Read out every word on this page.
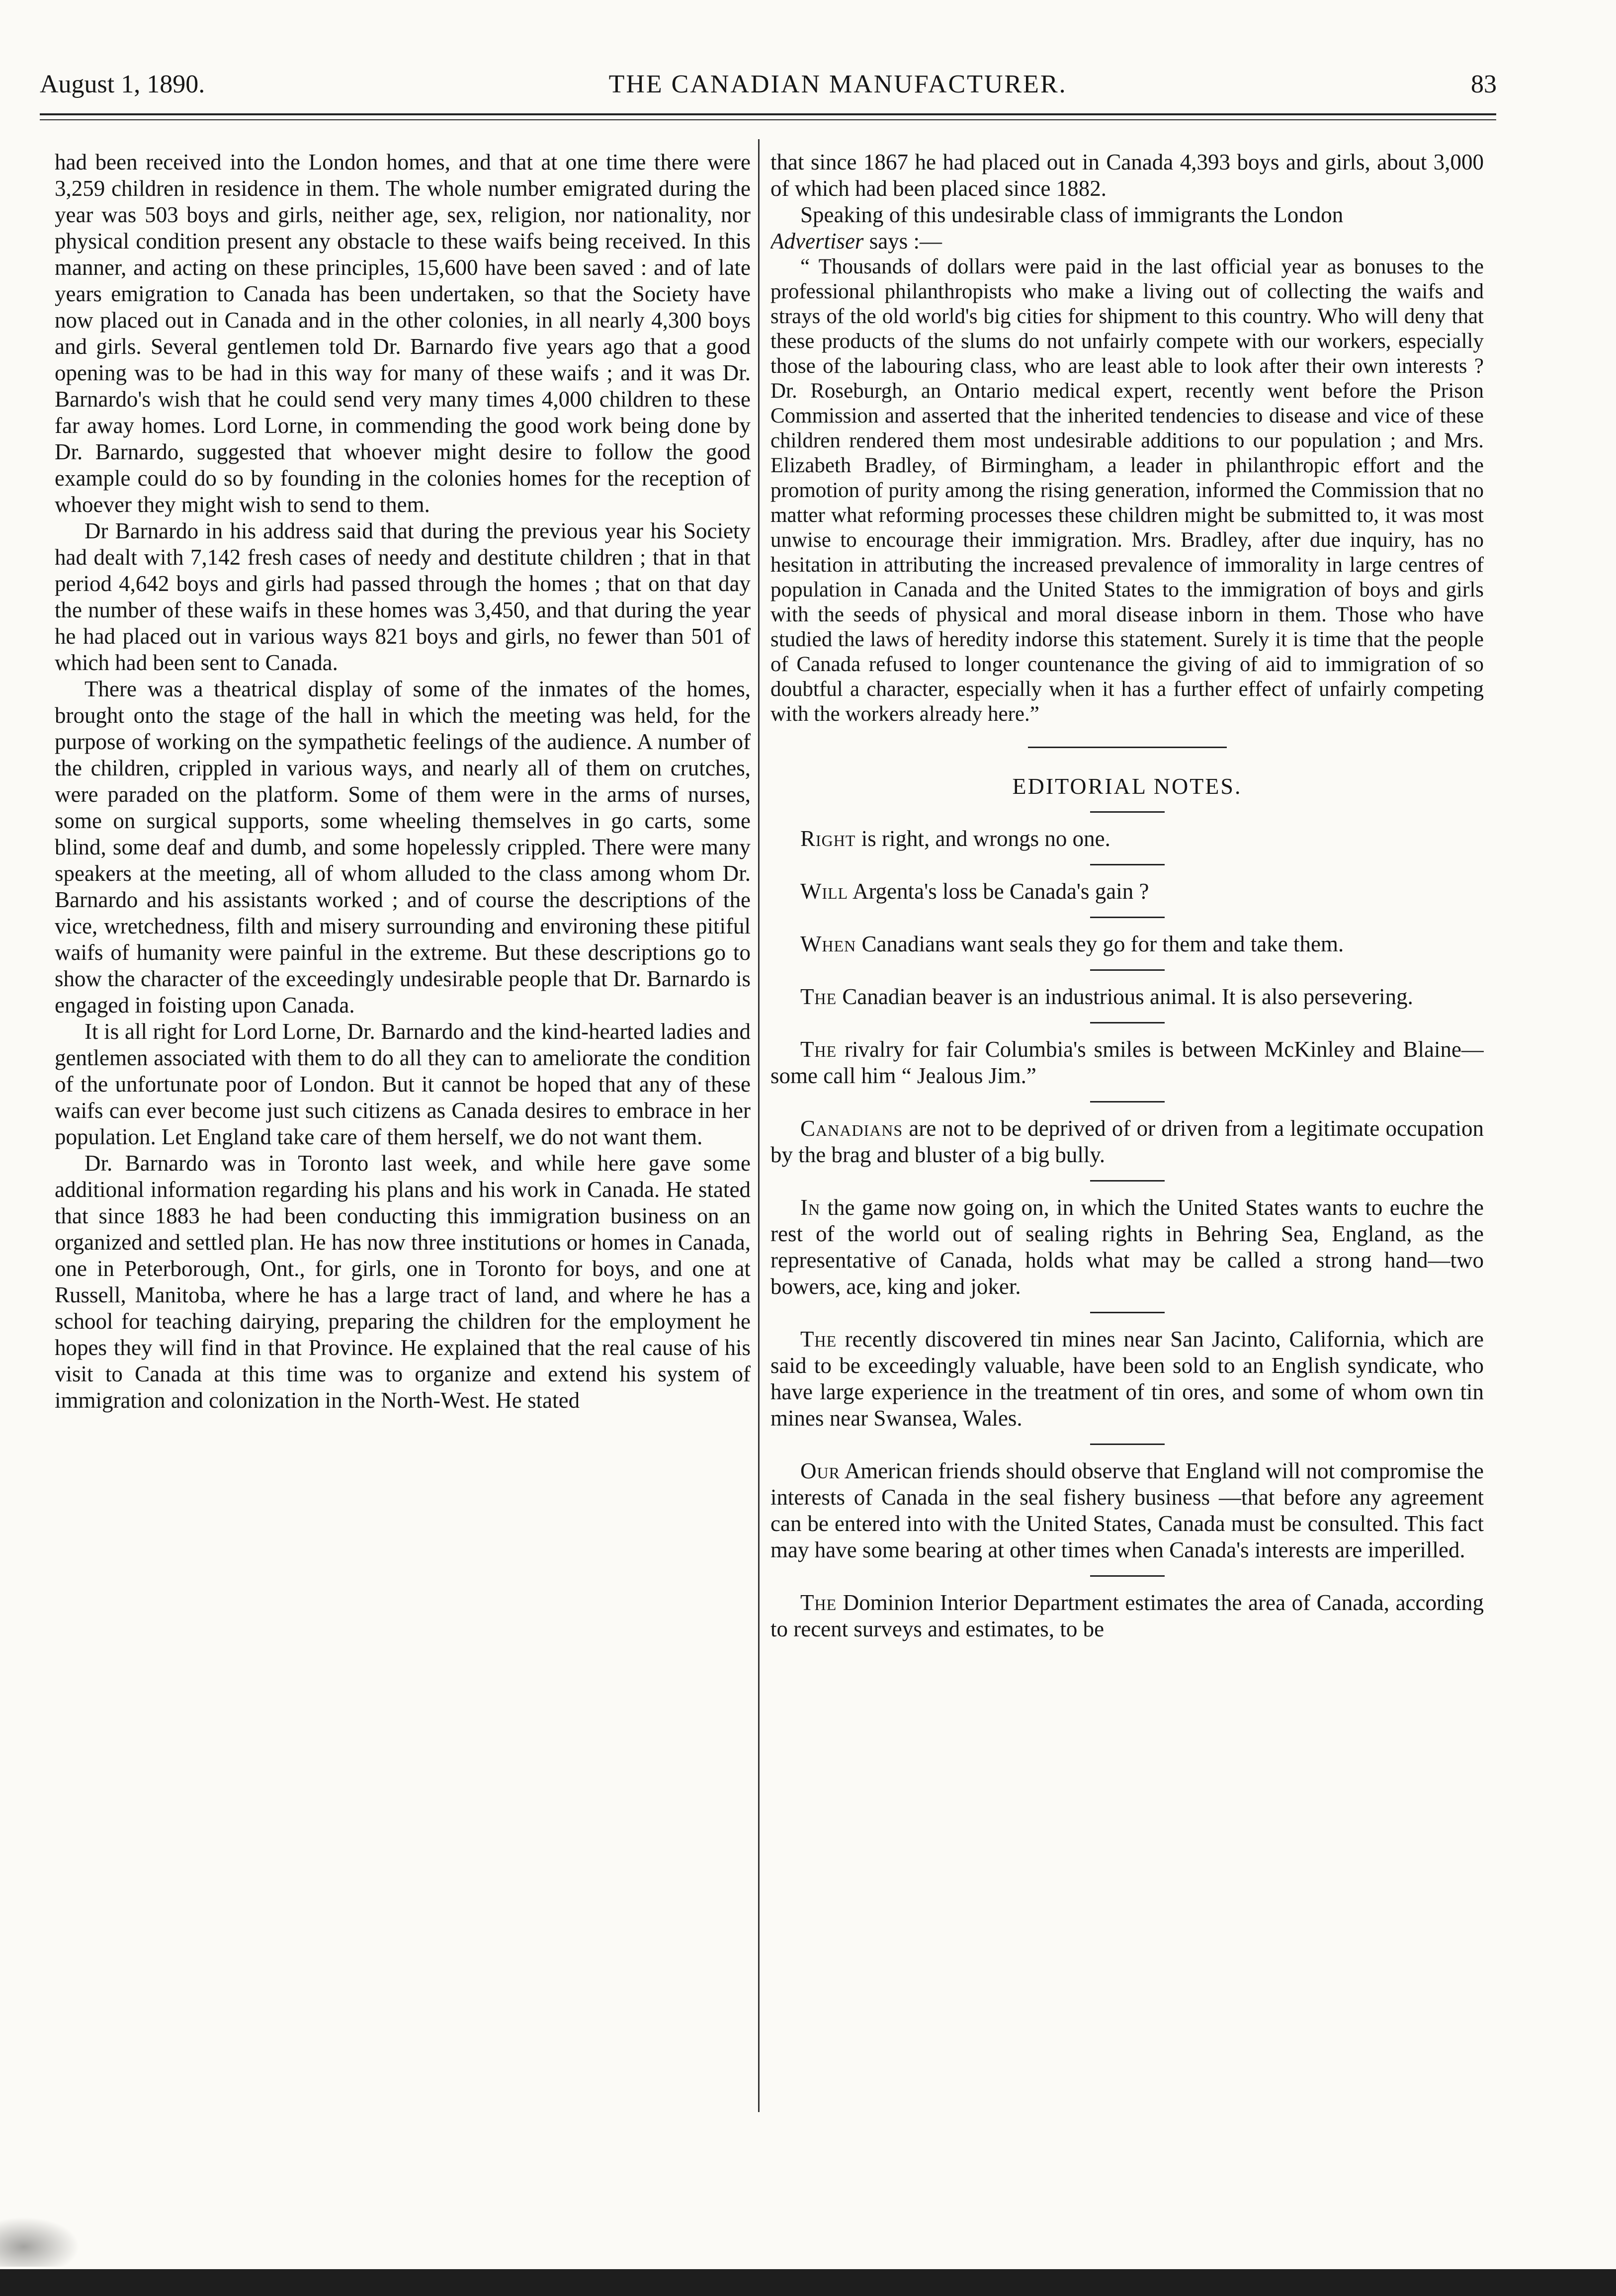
August 1, 1890.	THE CANADIAN MANUFACTURER.	83

had been received into the London homes, and that at one time there were 3,259 children in residence in them. The whole number emigrated during the year was 503 boys and girls, neither age, sex, religion, nor nationality, nor physical condition present any obstacle to these waifs being received. In this manner, and acting on these principles, 15,600 have been saved : and of late years emigration to Canada has been undertaken, so that the Society have now placed out in Canada and in the other colonies, in all nearly 4,300 boys and girls. Several gentlemen told Dr. Barnardo five years ago that a good opening was to be had in this way for many of these waifs ; and it was Dr. Barnardo's wish that he could send very many times 4,000 children to these far away homes. Lord Lorne, in commending the good work being done by Dr. Barnardo, suggested that whoever might desire to follow the good example could do so by founding in the colonies homes for the reception of whoever they might wish to send to them.

Dr Barnardo in his address said that during the previous year his Society had dealt with 7,142 fresh cases of needy and destitute children ; that in that period 4,642 boys and girls had passed through the homes ; that on that day the number of these waifs in these homes was 3,450, and that during the year he had placed out in various ways 821 boys and girls, no fewer than 501 of which had been sent to Canada.

There was a theatrical display of some of the inmates of the homes, brought onto the stage of the hall in which the meeting was held, for the purpose of working on the sympathetic feelings of the audience. A number of the children, crippled in various ways, and nearly all of them on crutches, were paraded on the platform. Some of them were in the arms of nurses, some on surgical supports, some wheeling themselves in go carts, some blind, some deaf and dumb, and some hopelessly crippled. There were many speakers at the meeting, all of whom alluded to the class among whom Dr. Barnardo and his assistants worked ; and of course the descriptions of the vice, wretchedness, filth and misery surrounding and environing these pitiful waifs of humanity were painful in the extreme. But these descriptions go to show the character of the exceedingly undesirable people that Dr. Barnardo is engaged in foisting upon Canada.

It is all right for Lord Lorne, Dr. Barnardo and the kind-hearted ladies and gentlemen associated with them to do all they can to ameliorate the condition of the unfortunate poor of London. But it cannot be hoped that any of these waifs can ever become just such citizens as Canada desires to embrace in her population. Let England take care of them herself, we do not want them.

Dr. Barnardo was in Toronto last week, and while here gave some additional information regarding his plans and his work in Canada. He stated that since 1883 he had been conducting this immigration business on an organized and settled plan. He has now three institutions or homes in Canada, one in Peterborough, Ont., for girls, one in Toronto for boys, and one at Russell, Manitoba, where he has a large tract of land, and where he has a school for teaching dairying, preparing the children for the employment he hopes they will find in that Province. He explained that the real cause of his visit to Canada at this time was to organize and extend his system of immigration and colonization in the North-West. He stated

that since 1867 he had placed out in Canada 4,393 boys and girls, about 3,000 of which had been placed since 1882.

Speaking of this undesirable class of immigrants the London
Advertiser says :—

“ Thousands of dollars were paid in the last official year as bonuses to the professional philanthropists who make a living out of collecting the waifs and strays of the old world's big cities for shipment to this country. Who will deny that these products of the slums do not unfairly compete with our workers, especially those of the labouring class, who are least able to look after their own interests ? Dr. Roseburgh, an Ontario medical expert, recently went before the Prison Commission and asserted that the inherited tendencies to disease and vice of these children rendered them most undesirable additions to our population ; and Mrs. Elizabeth Bradley, of Birmingham, a leader in philanthropic effort and the promotion of purity among the rising generation, informed the Commission that no matter what reforming processes these children might be submitted to, it was most unwise to encourage their immigration. Mrs. Bradley, after due inquiry, has no hesitation in attributing the increased prevalence of immorality in large centres of population in Canada and the United States to the immigration of boys and girls with the seeds of physical and moral disease inborn in them. Those who have studied the laws of heredity indorse this statement. Surely it is time that the people of Canada refused to longer countenance the giving of aid to immigration of so doubtful a character, especially when it has a further effect of unfairly competing with the workers already here.”

EDITORIAL NOTES.

Right is right, and wrongs no one.

Will Argenta's loss be Canada's gain ?

When Canadians want seals they go for them and take them.

The Canadian beaver is an industrious animal. It is also persevering.

The rivalry for fair Columbia's smiles is between McKinley and Blaine—some call him “ Jealous Jim.”

Canadians are not to be deprived of or driven from a legitimate occupation by the brag and bluster of a big bully.

In the game now going on, in which the United States wants to euchre the rest of the world out of sealing rights in Behring Sea, England, as the representative of Canada, holds what may be called a strong hand—two bowers, ace, king and joker.

The recently discovered tin mines near San Jacinto, California, which are said to be exceedingly valuable, have been sold to an English syndicate, who have large experience in the treatment of tin ores, and some of whom own tin mines near Swansea, Wales.

Our American friends should observe that England will not compromise the interests of Canada in the seal fishery business —that before any agreement can be entered into with the United States, Canada must be consulted. This fact may have some bearing at other times when Canada's interests are imperilled.

The Dominion Interior Department estimates the area of Canada, according to recent surveys and estimates, to be
